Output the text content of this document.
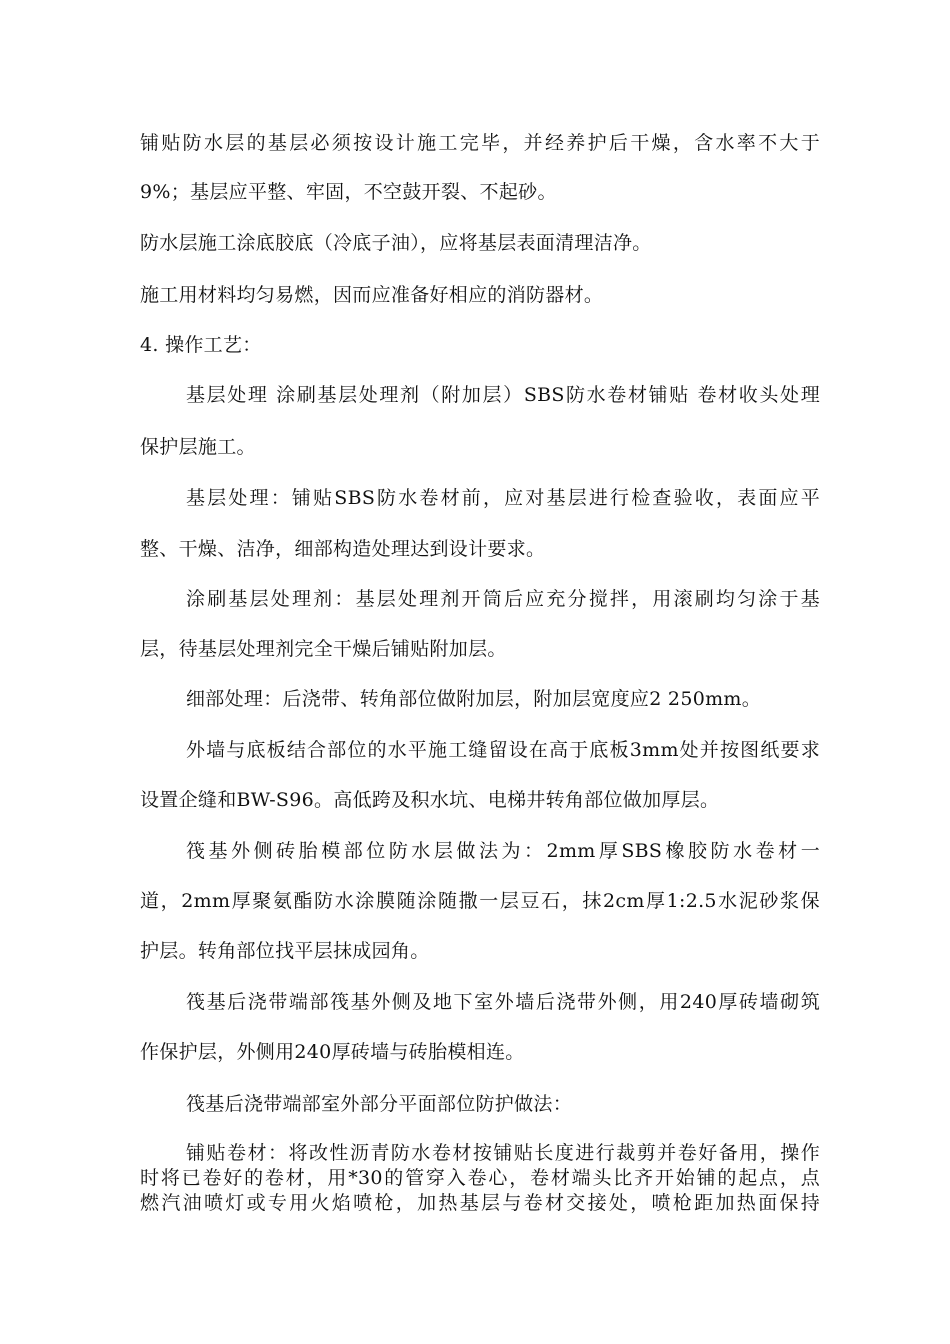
铺贴防水层的基层必须按设计施工完毕，并经养护后干燥，含水率不大于
9%；基层应平整、牢固，不空鼓开裂、不起砂。
防水层施工涂底胶底（冷底子油），应将基层表面清理洁净。
施工用材料均匀易燃，因而应准备好相应的消防器材。
4. 操作工艺：
基层处理 涂刷基层处理剂（附加层）SBS防水卷材铺贴 卷材收头处理
保护层施工。
基层处理：铺贴SBS防水卷材前，应对基层进行检查验收，表面应平
整、干燥、洁净，细部构造处理达到设计要求。
涂刷基层处理剂：基层处理剂开筒后应充分搅拌，用滚刷均匀涂于基
层，待基层处理剂完全干燥后铺贴附加层。
细部处理：后浇带、转角部位做附加层，附加层宽度应2 250mm。
外墙与底板结合部位的水平施工缝留设在高于底板3mm处并按图纸要求
设置企缝和BW-S96。高低跨及积水坑、电梯井转角部位做加厚层。
筏基外侧砖胎模部位防水层做法为：2mm厚SBS橡胶防水卷材一
道，2mm厚聚氨酯防水涂膜随涂随撒一层豆石，抹2cm厚1:2.5水泥砂浆保
护层。转角部位找平层抹成园角。
筏基后浇带端部筏基外侧及地下室外墙后浇带外侧，用240厚砖墙砌筑
作保护层，外侧用240厚砖墙与砖胎模相连。
筏基后浇带端部室外部分平面部位防护做法：
铺贴卷材：将改性沥青防水卷材按铺贴长度进行裁剪并卷好备用，操作
时将已卷好的卷材，用*30的管穿入卷心，卷材端头比齐开始铺的起点，点
燃汽油喷灯或专用火焰喷枪，加热基层与卷材交接处，喷枪距加热面保持
